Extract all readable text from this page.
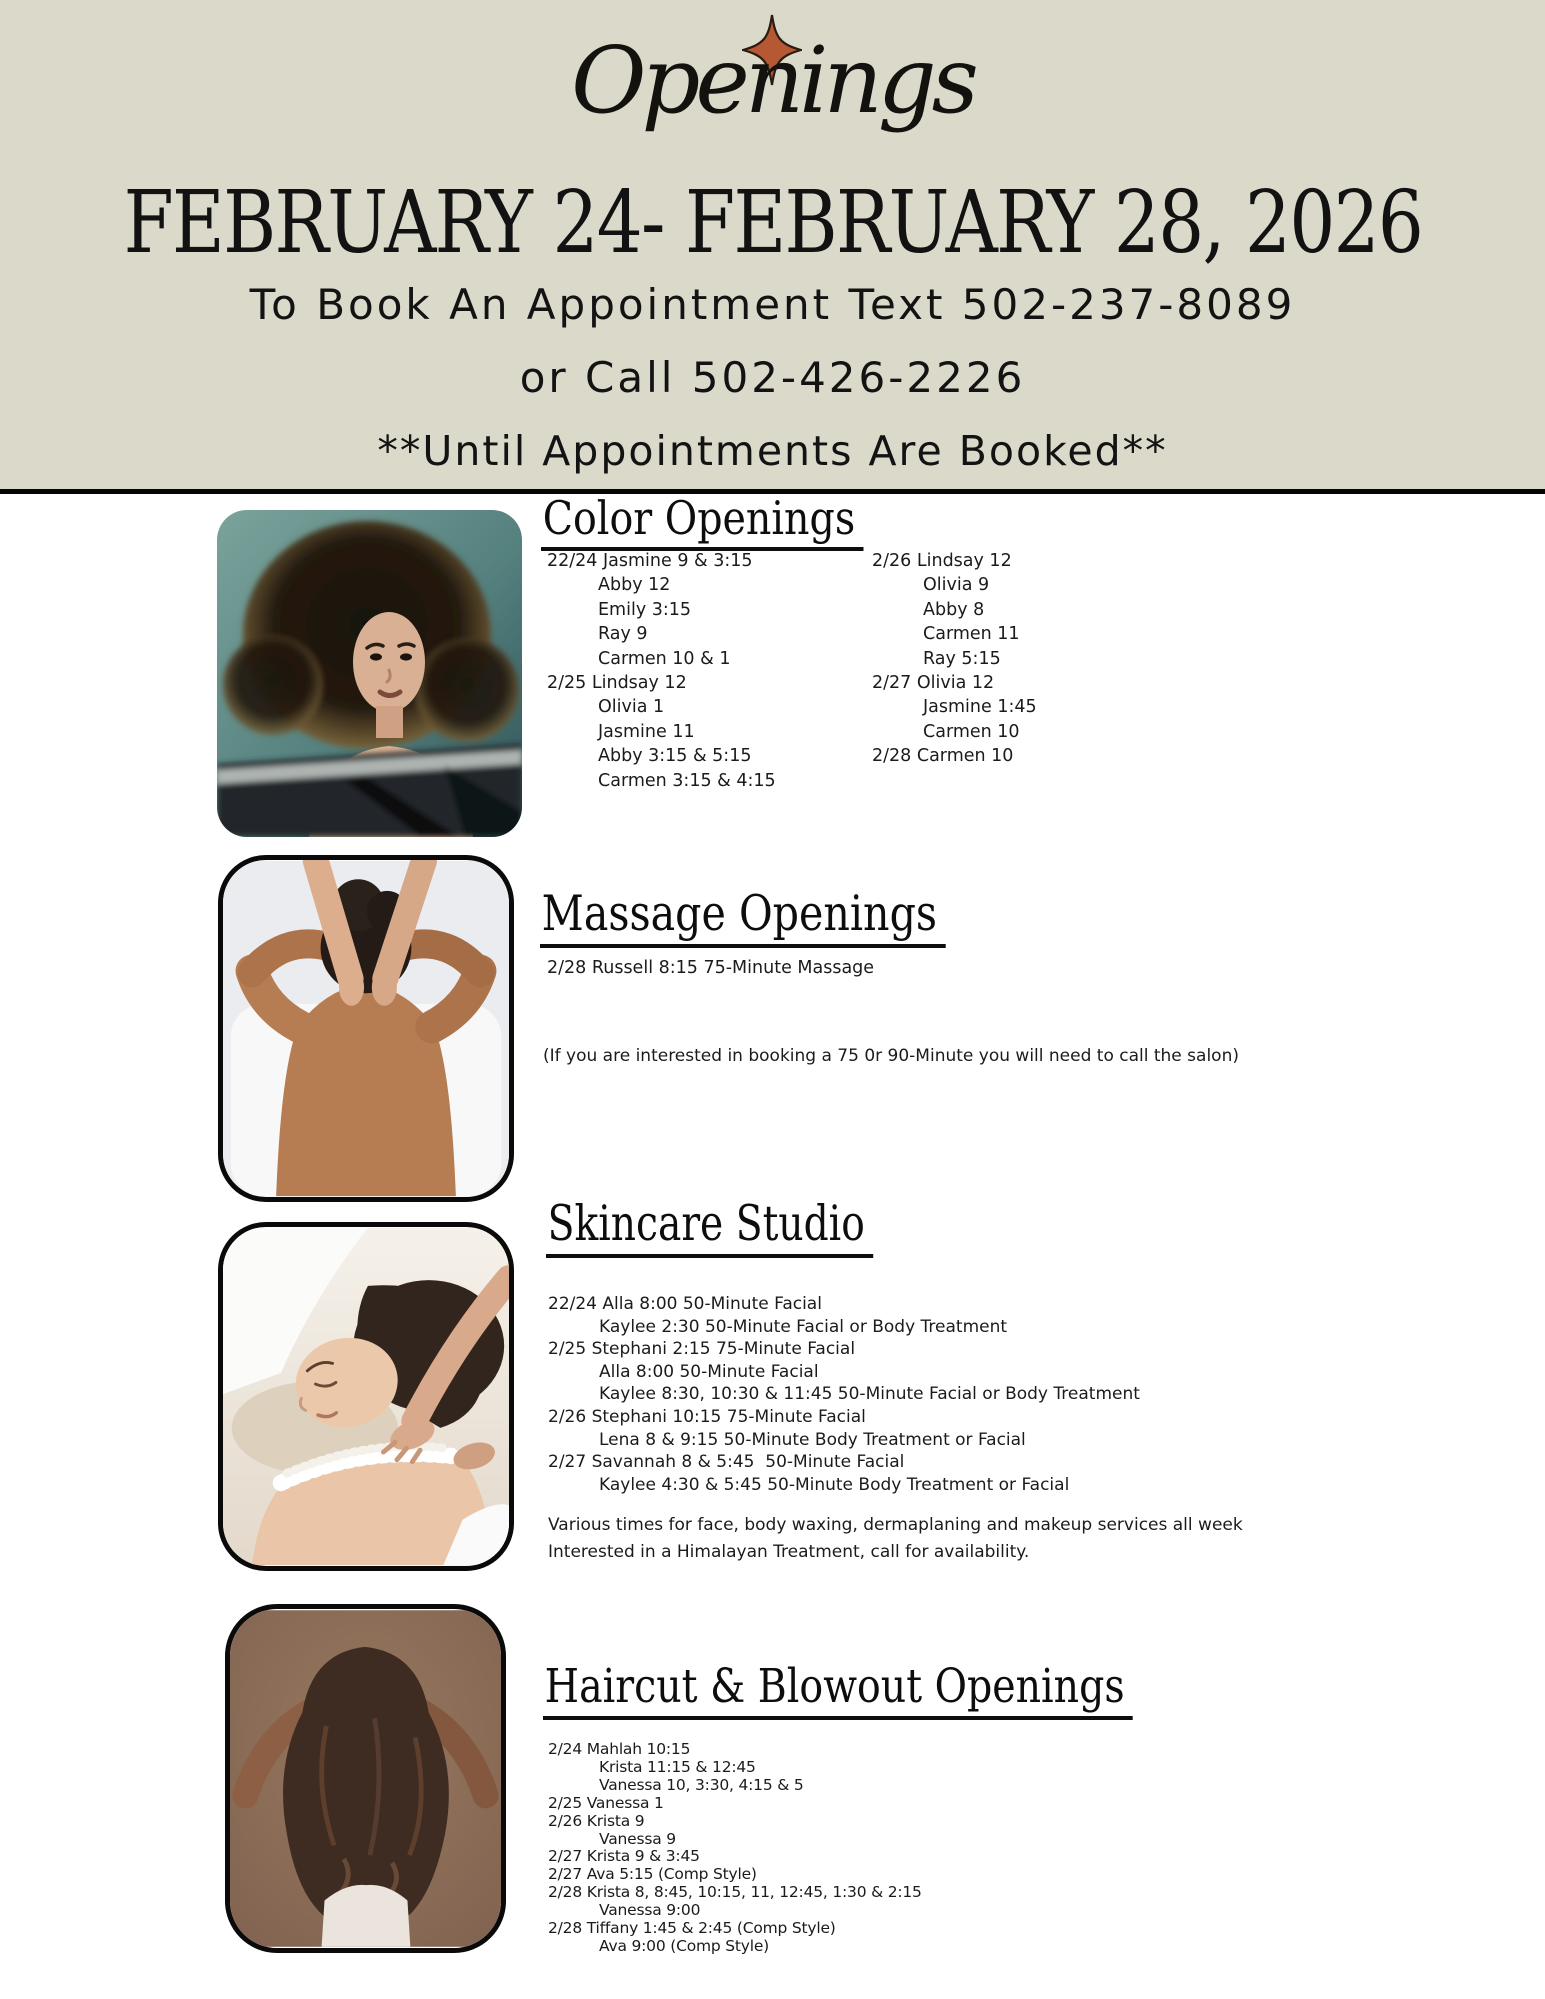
Openings
FEBRUARY 24- FEBRUARY 28, 2026
To Book An Appointment Text 502-237-8089
or Call 502-426-2226
**Until Appointments Are Booked**
Color Openings
22/24 Jasmine 9 & 3:15
Abby 12
Emily 3:15
Ray 9
Carmen 10 & 1
2/25 Lindsay 12
Olivia 1
Jasmine 11
Abby 3:15 & 5:15
Carmen 3:15 & 4:15
2/26 Lindsay 12
Olivia 9
Abby 8
Carmen 11
Ray 5:15
2/27 Olivia 12
Jasmine 1:45
Carmen 10
2/28 Carmen 10
Massage Openings
2/28 Russell 8:15 75-Minute Massage
(If you are interested in booking a 75 0r 90-Minute you will need to call the salon)
Skincare Studio
22/24 Alla 8:00 50-Minute Facial
Kaylee 2:30 50-Minute Facial or Body Treatment
2/25 Stephani 2:15 75-Minute Facial
Alla 8:00 50-Minute Facial
Kaylee 8:30, 10:30 & 11:45 50-Minute Facial or Body Treatment
2/26 Stephani 10:15 75-Minute Facial
Lena 8 & 9:15 50-Minute Body Treatment or Facial
2/27 Savannah 8 & 5:45  50-Minute Facial
Kaylee 4:30 & 5:45 50-Minute Body Treatment or Facial
Various times for face, body waxing, dermaplaning and makeup services all week
Interested in a Himalayan Treatment, call for availability.
Haircut & Blowout Openings
2/24 Mahlah 10:15
Krista 11:15 & 12:45
Vanessa 10, 3:30, 4:15 & 5
2/25 Vanessa 1
2/26 Krista 9
Vanessa 9
2/27 Krista 9 & 3:45
2/27 Ava 5:15 (Comp Style)
2/28 Krista 8, 8:45, 10:15, 11, 12:45, 1:30 & 2:15
Vanessa 9:00
2/28 Tiffany 1:45 & 2:45 (Comp Style)
Ava 9:00 (Comp Style)
